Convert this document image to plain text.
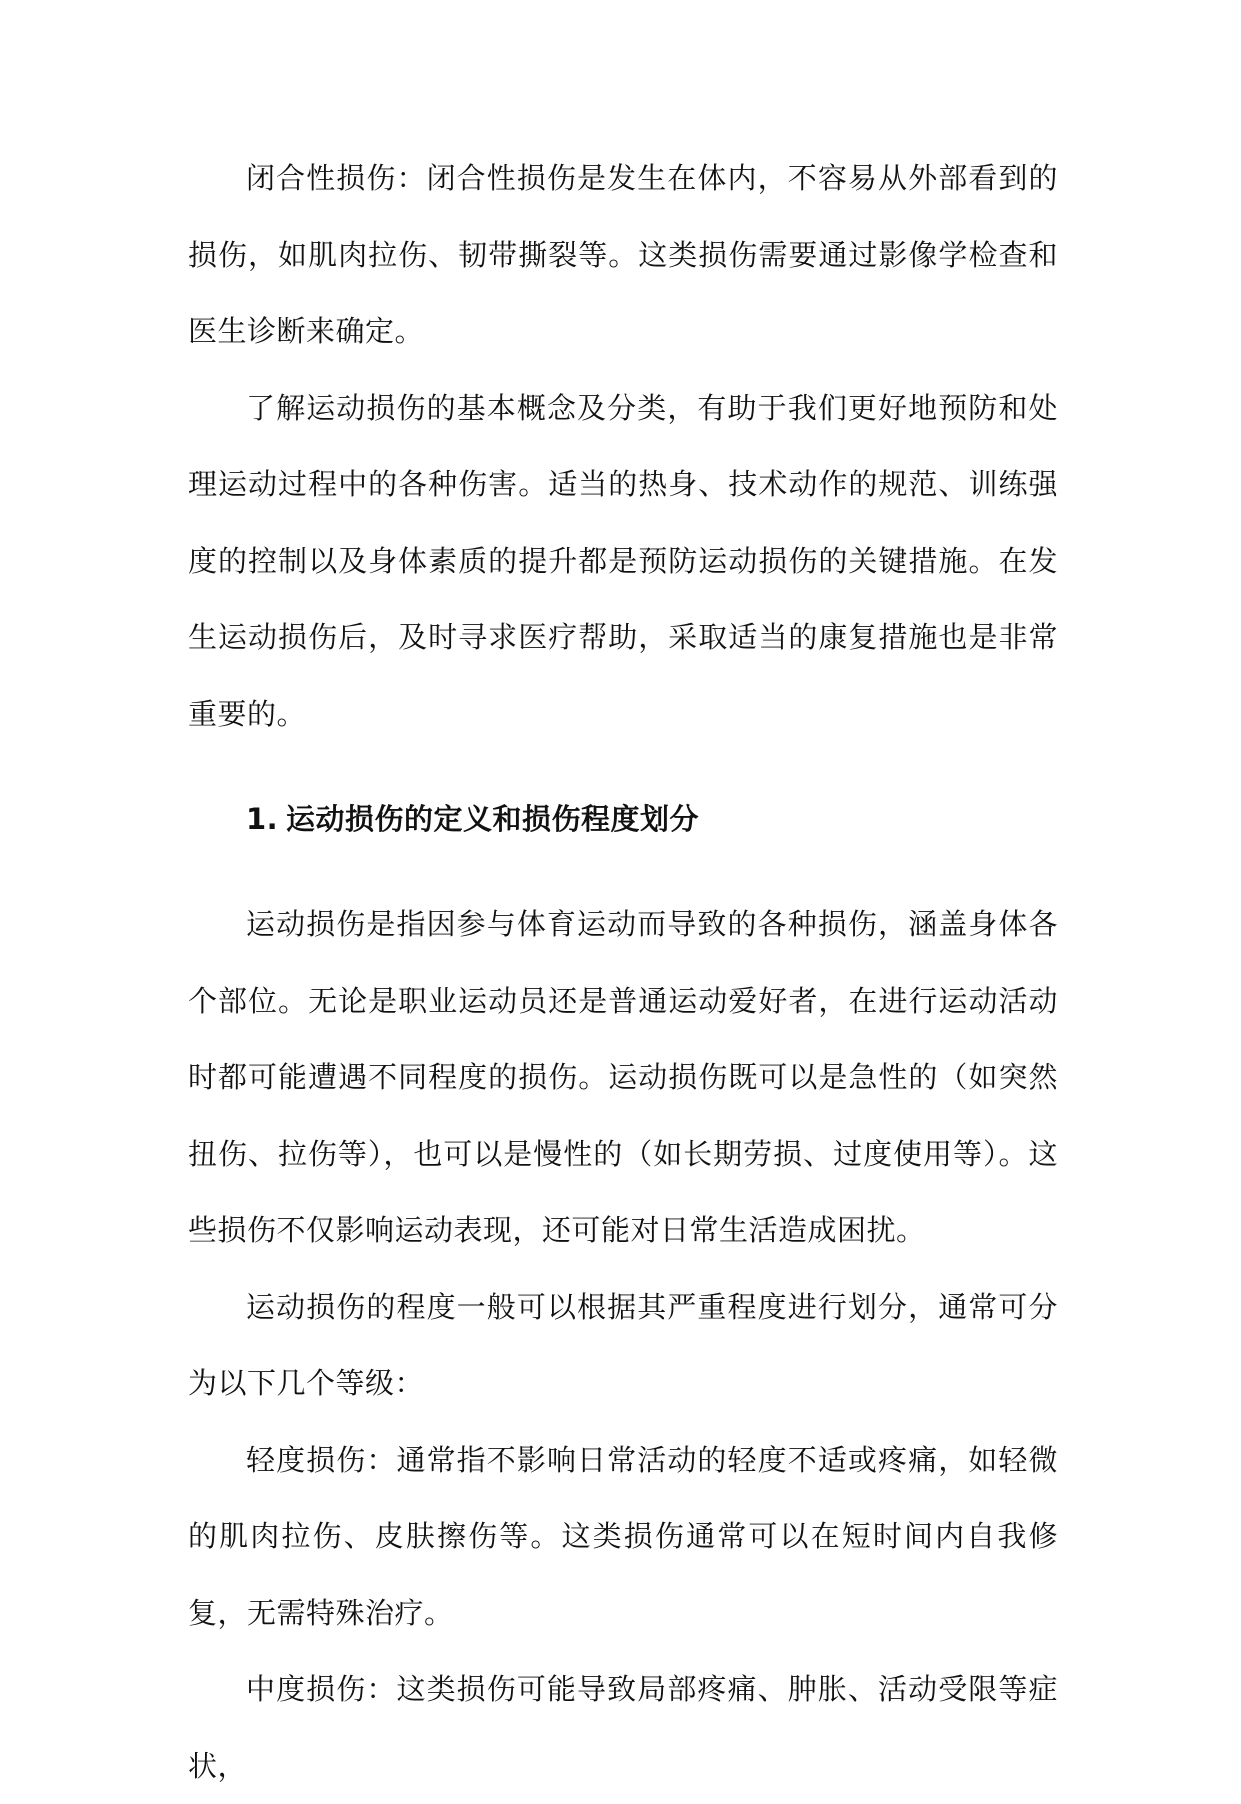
闭合性损伤：闭合性损伤是发生在体内，不容易从外部看到的损伤，如肌肉拉伤、韧带撕裂等。这类损伤需要通过影像学检查和医生诊断来确定。

了解运动损伤的基本概念及分类，有助于我们更好地预防和处理运动过程中的各种伤害。适当的热身、技术动作的规范、训练强度的控制以及身体素质的提升都是预防运动损伤的关键措施。在发生运动损伤后，及时寻求医疗帮助，采取适当的康复措施也是非常重要的。

1. 运动损伤的定义和损伤程度划分

运动损伤是指因参与体育运动而导致的各种损伤，涵盖身体各个部位。无论是职业运动员还是普通运动爱好者，在进行运动活动时都可能遭遇不同程度的损伤。运动损伤既可以是急性的（如突然扭伤、拉伤等），也可以是慢性的（如长期劳损、过度使用等）。这些损伤不仅影响运动表现，还可能对日常生活造成困扰。

运动损伤的程度一般可以根据其严重程度进行划分，通常可分为以下几个等级：

轻度损伤：通常指不影响日常活动的轻度不适或疼痛，如轻微的肌肉拉伤、皮肤擦伤等。这类损伤通常可以在短时间内自我修复，无需特殊治疗。

中度损伤：这类损伤可能导致局部疼痛、肿胀、活动受限等症状，
